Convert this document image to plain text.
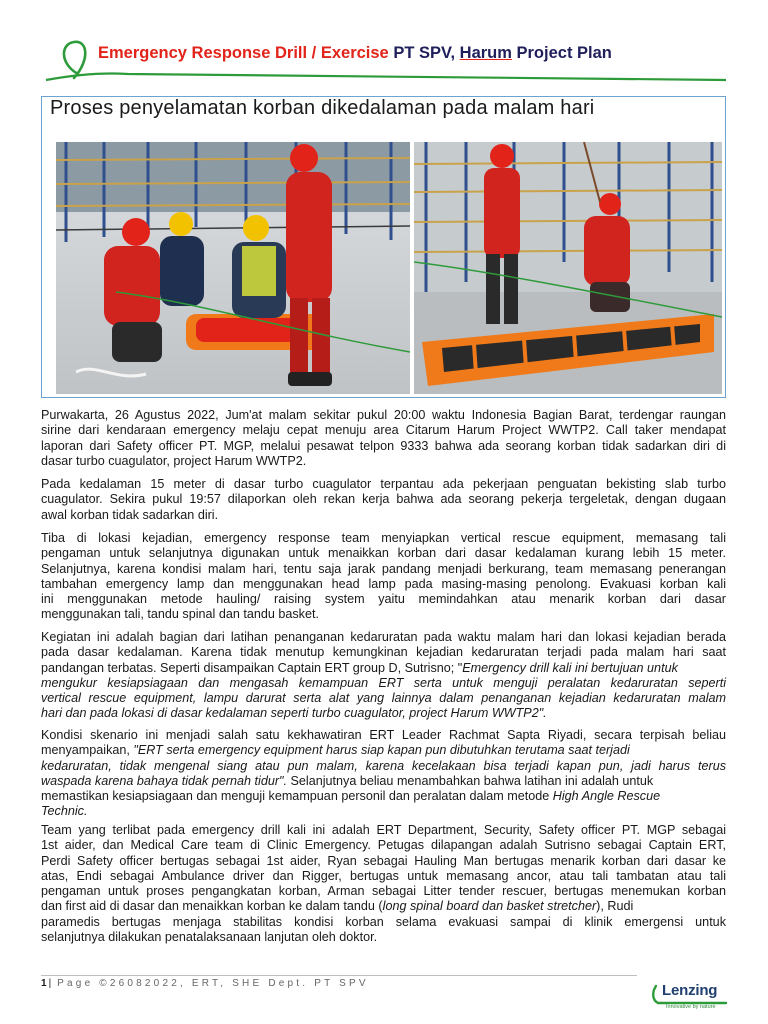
Emergency Response Drill / Exercise PT SPV, Harum Project Plan
Proses penyelamatan korban dikedalaman pada malam hari
Purwakarta, 26 Agustus 2022, Jum'at malam sekitar pukul 20:00 waktu Indonesia Bagian Barat, terdengar raungan
sirine dari kendaraan emergency melaju cepat menuju area Citarum Harum Project WWTP2. Call taker mendapat
laporan dari Safety officer PT. MGP, melalui pesawat telpon 9333 bahwa ada seorang korban tidak sadarkan diri di
dasar turbo cuagulator, project Harum WWTP2.
Pada kedalaman 15 meter di dasar turbo cuagulator terpantau ada pekerjaan penguatan bekisting slab turbo
cuagulator. Sekira pukul 19:57 dilaporkan oleh rekan kerja bahwa ada seorang pekerja tergeletak, dengan dugaan
awal korban tidak sadarkan diri.
Tiba di lokasi kejadian, emergency response team menyiapkan vertical rescue equipment, memasang tali
pengaman untuk selanjutnya digunakan untuk menaikkan korban dari dasar kedalaman kurang lebih 15 meter.
Selanjutnya, karena kondisi malam hari, tentu saja jarak pandang menjadi berkurang, team memasang penerangan
tambahan emergency lamp dan menggunakan head lamp pada masing-masing penolong. Evakuasi korban kali
ini menggunakan metode hauling/ raising system yaitu memindahkan atau menarik korban dari dasar
menggunakan tali, tandu spinal dan tandu basket.
Kegiatan ini adalah bagian dari latihan penanganan kedaruratan pada waktu malam hari dan lokasi kejadian berada
pada dasar kedalaman. Karena tidak menutup kemungkinan kejadian kedaruratan terjadi pada malam hari saat
pandangan terbatas. Seperti disampaikan Captain ERT group D, Sutrisno; "Emergency drill kali ini bertujuan untuk
mengukur kesiapsiagaan dan mengasah kemampuan ERT serta untuk menguji peralatan kedaruratan seperti
vertical rescue equipment, lampu darurat serta alat yang lainnya dalam penanganan kejadian kedaruratan malam
hari dan pada lokasi di dasar kedalaman seperti turbo cuagulator, project Harum WWTP2".
Kondisi skenario ini menjadi salah satu kekhawatiran ERT Leader Rachmat Sapta Riyadi, secara terpisah beliau
menyampaikan, "ERT serta emergency equipment harus siap kapan pun dibutuhkan terutama saat terjadi
kedaruratan, tidak mengenal siang atau pun malam, karena kecelakaan bisa terjadi kapan pun, jadi harus terus
waspada karena bahaya tidak pernah tidur". Selanjutnya beliau menambahkan bahwa latihan ini adalah untuk
memastikan kesiapsiagaan dan menguji kemampuan personil dan peralatan dalam metode High Angle Rescue
Technic.
Team yang terlibat pada emergency drill kali ini adalah ERT Department, Security, Safety officer PT. MGP sebagai
1st aider, dan Medical Care team di Clinic Emergency. Petugas dilapangan adalah Sutrisno sebagai Captain ERT,
Perdi Safety officer bertugas sebagai 1st aider, Ryan sebagai Hauling Man bertugas menarik korban dari dasar ke
atas, Endi sebagai Ambulance driver dan Rigger, bertugas untuk memasang ancor, atau tali tambatan atau tali
pengaman untuk proses pengangkatan korban, Arman sebagai Litter tender rescuer, bertugas menemukan korban
dan first aid di dasar dan menaikkan korban ke dalam tandu (long spinal board dan basket stretcher), Rudi
paramedis bertugas menjaga stabilitas kondisi korban selama evakuasi sampai di klinik emergensi untuk
selanjutnya dilakukan penatalaksanaan lanjutan oleh doktor.
1 | Page ©26082022, ERT, SHE Dept. PT SPV	Lenzing
Innovative by nature
